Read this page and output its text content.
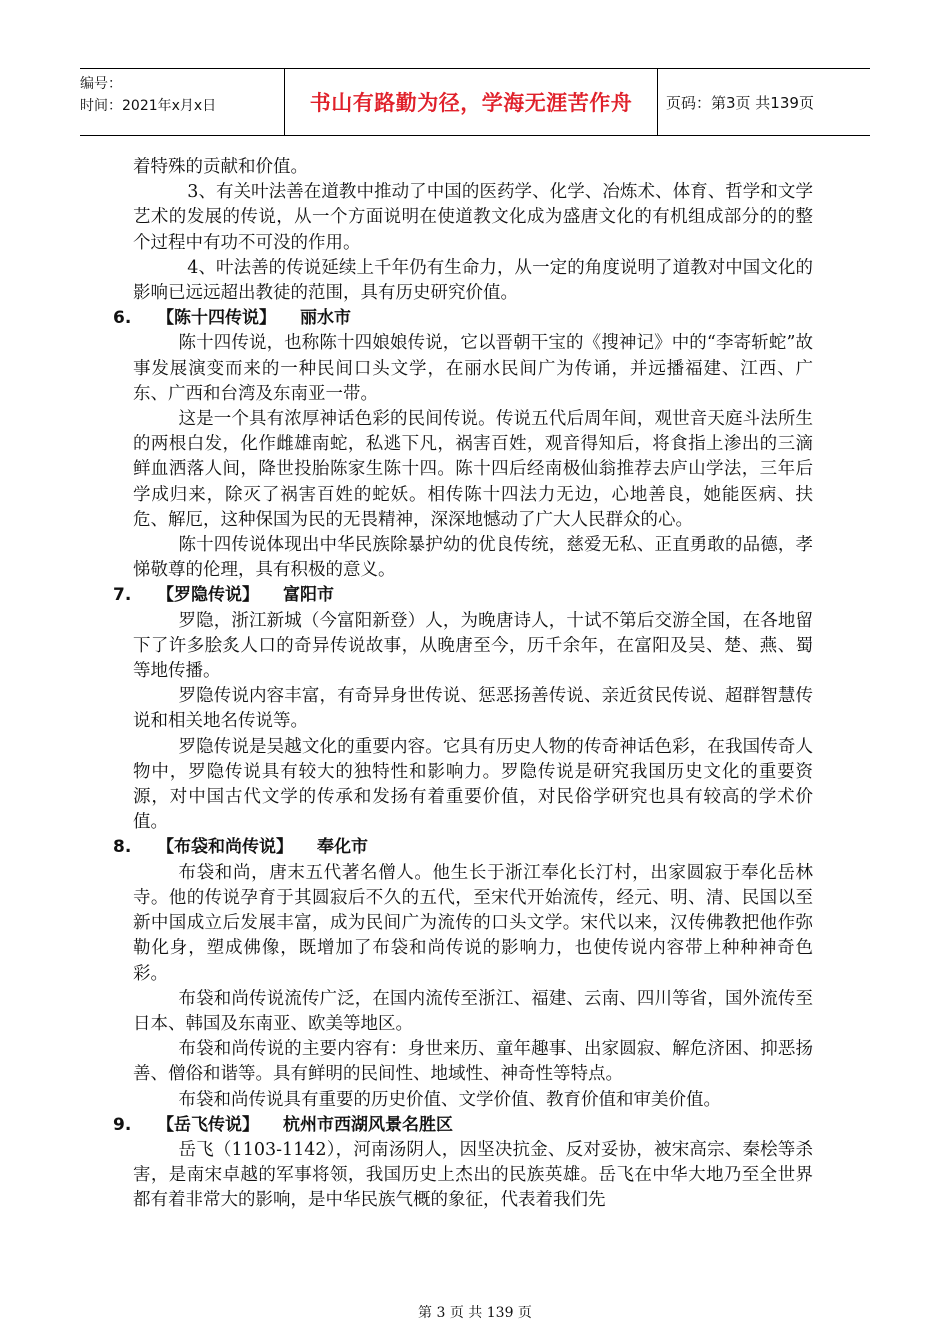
编号：
时间：2021年x月x日	书山有路勤为径，学海无涯苦作舟	页码：第3页 共139页

着特殊的贡献和价值。

3、有关叶法善在道教中推动了中国的医药学、化学、冶炼术、体育、哲学和文学艺术的发展的传说，从一个方面说明在使道教文化成为盛唐文化的有机组成部分的的整个过程中有功不可没的作用。

4、叶法善的传说延续上千年仍有生命力，从一定的角度说明了道教对中国文化的影响已远远超出教徒的范围，具有历史研究价值。

6. 【陈十四传说】 丽水市

陈十四传说，也称陈十四娘娘传说，它以晋朝干宝的《搜神记》中的“李寄斩蛇”故事发展演变而来的一种民间口头文学，在丽水民间广为传诵，并远播福建、江西、广东、广西和台湾及东南亚一带。

这是一个具有浓厚神话色彩的民间传说。传说五代后周年间，观世音天庭斗法所生的两根白发，化作雌雄南蛇，私逃下凡，祸害百姓，观音得知后，将食指上渗出的三滴鲜血洒落人间，降世投胎陈家生陈十四。陈十四后经南极仙翁推荐去庐山学法，三年后学成归来，除灭了祸害百姓的蛇妖。相传陈十四法力无边，心地善良，她能医病、扶危、解厄，这种保国为民的无畏精神，深深地憾动了广大人民群众的心。

陈十四传说体现出中华民族除暴护幼的优良传统，慈爱无私、正直勇敢的品德，孝悌敬尊的伦理，具有积极的意义。

7. 【罗隐传说】 富阳市

罗隐，浙江新城（今富阳新登）人，为晚唐诗人，十试不第后交游全国，在各地留下了许多脍炙人口的奇异传说故事，从晚唐至今，历千余年，在富阳及吴、楚、燕、蜀等地传播。

罗隐传说内容丰富，有奇异身世传说、惩恶扬善传说、亲近贫民传说、超群智慧传说和相关地名传说等。

罗隐传说是吴越文化的重要内容。它具有历史人物的传奇神话色彩，在我国传奇人物中，罗隐传说具有较大的独特性和影响力。罗隐传说是研究我国历史文化的重要资源，对中国古代文学的传承和发扬有着重要价值，对民俗学研究也具有较高的学术价值。

8. 【布袋和尚传说】 奉化市

布袋和尚，唐末五代著名僧人。他生长于浙江奉化长汀村，出家圆寂于奉化岳林寺。他的传说孕育于其圆寂后不久的五代，至宋代开始流传，经元、明、清、民国以至新中国成立后发展丰富，成为民间广为流传的口头文学。宋代以来，汉传佛教把他作弥勒化身，塑成佛像，既增加了布袋和尚传说的影响力，也使传说内容带上种种神奇色彩。

布袋和尚传说流传广泛，在国内流传至浙江、福建、云南、四川等省，国外流传至日本、韩国及东南亚、欧美等地区。

布袋和尚传说的主要内容有：身世来历、童年趣事、出家圆寂、解危济困、抑恶扬善、僧俗和谐等。具有鲜明的民间性、地域性、神奇性等特点。

布袋和尚传说具有重要的历史价值、文学价值、教育价值和审美价值。

9. 【岳飞传说】 杭州市西湖风景名胜区

岳飞（1103-1142），河南汤阴人，因坚决抗金、反对妥协，被宋高宗、秦桧等杀害，是南宋卓越的军事将领，我国历史上杰出的民族英雄。岳飞在中华大地乃至全世界都有着非常大的影响，是中华民族气概的象征，代表着我们先

第 3 页 共 139 页
